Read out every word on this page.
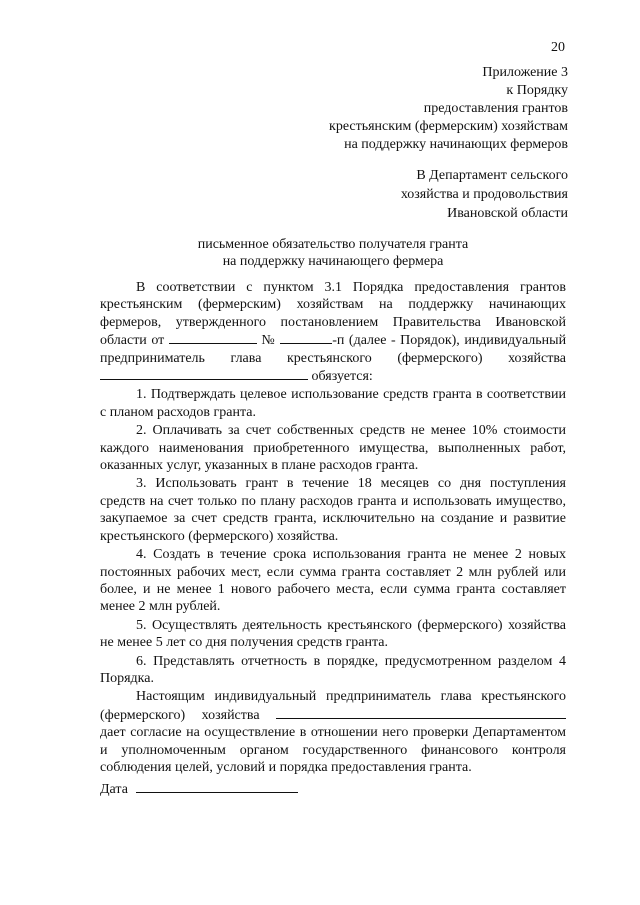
20
Приложение 3
к Порядку
предоставления грантов
крестьянским (фермерским) хозяйствам
на поддержку начинающих фермеров
В Департамент сельского
хозяйства и продовольствия
Ивановской области
письменное обязательство получателя гранта
на поддержку начинающего фермера

В соответствии с пунктом 3.1 Порядка предоставления грантов крестьянским (фермерским) хозяйствам на поддержку начинающих фермеров, утвержденного постановлением Правительства Ивановской области от	№	-п (далее - Порядок), индивидуальный предприниматель глава крестьянского (фермерского) хозяйства  обязуется:

1. Подтверждать целевое использование средств гранта в соответствии с планом расходов гранта.

2. Оплачивать за счет собственных средств не менее 10% стоимости каждого наименования приобретенного имущества, выполненных работ, оказанных услуг, указанных в плане расходов гранта.

3. Использовать грант в течение 18 месяцев со дня поступления средств на счет только по плану расходов гранта и использовать имущество, закупаемое за счет средств гранта, исключительно на создание и развитие крестьянского (фермерского) хозяйства.

4. Создать в течение срока использования гранта не менее 2 новых постоянных рабочих мест, если сумма гранта составляет 2 млн рублей или более, и не менее 1 нового рабочего места, если сумма гранта составляет менее 2 млн рублей.

5. Осуществлять деятельность крестьянского (фермерского) хозяйства не менее 5 лет со дня получения средств гранта.

6. Представлять отчетность в порядке, предусмотренном разделом 4 Порядка.

Настоящим индивидуальный предприниматель глава крестьянского (фермерского) хозяйства  дает согласие на осуществление в отношении него проверки Департаментом и уполномоченным органом государственного финансового контроля соблюдения целей, условий и порядка предоставления гранта.

Дата
